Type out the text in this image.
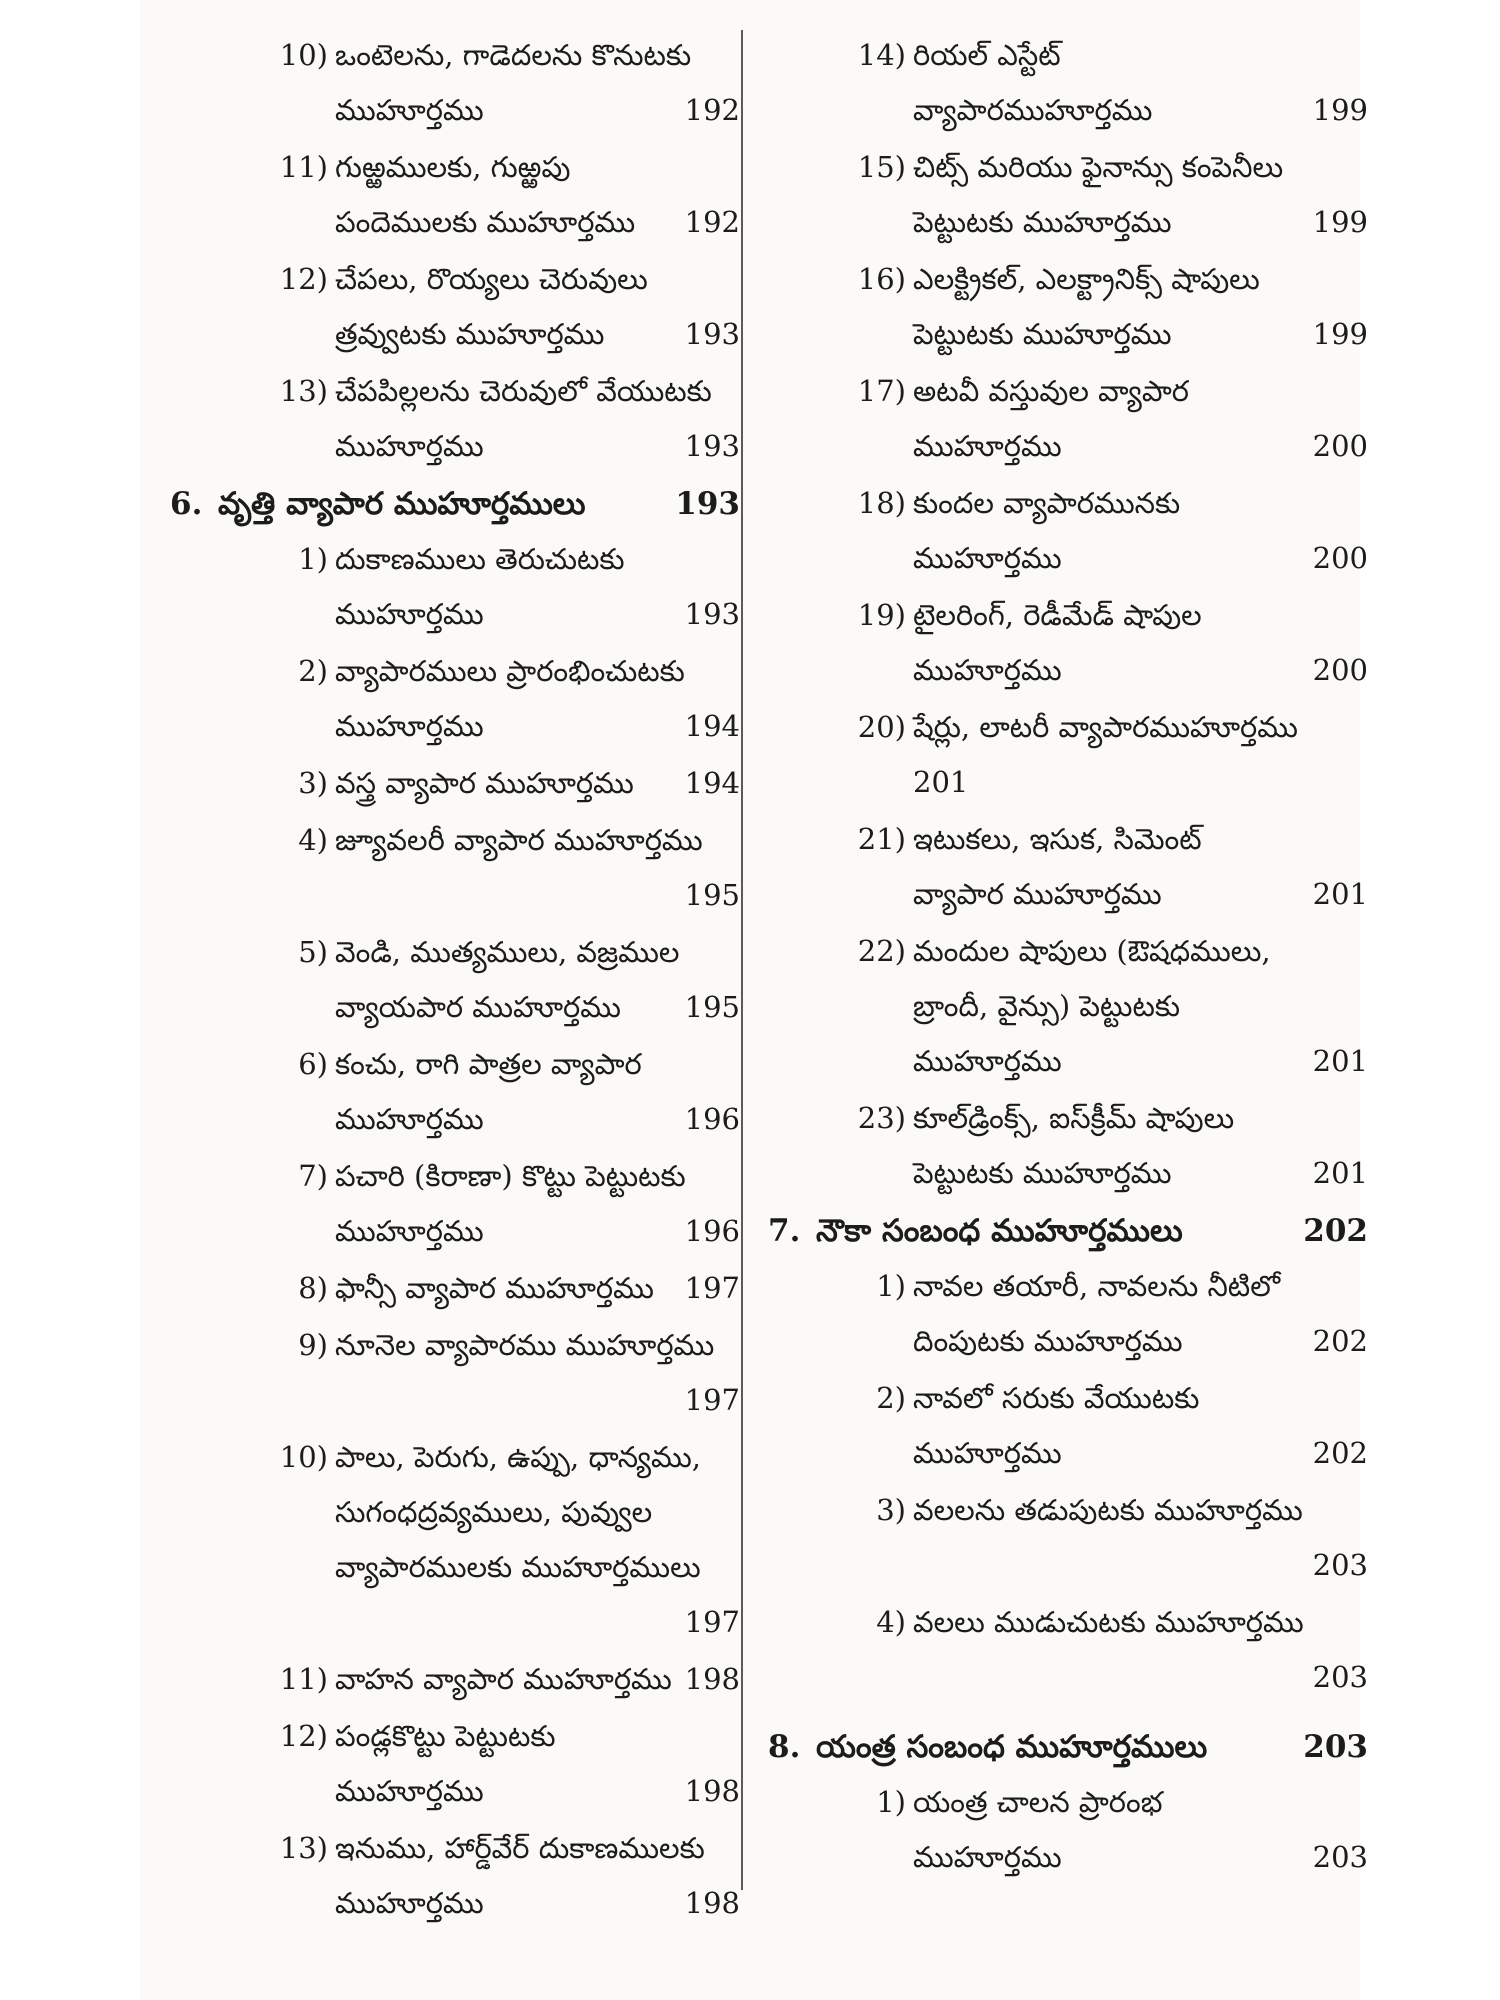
10) ఒంటెలను, గాడెదలను కొనుటకు
ముహూర్తము	192
11) గుఱ్ఱములకు, గుఱ్ఱపు
పందెములకు ముహూర్తము 192
12) చేపలు, రొయ్యలు చెరువులు
త్రవ్వుటకు ముహూర్తము	193
13) చేపపిల్లలను చెరువులో వేయుటకు
ముహూర్తము	193
6. వృత్తి వ్యాపార ముహూర్తములు	193
1) దుకాణములు తెరుచుటకు
ముహూర్తము	193
2) వ్యాపారములు ప్రారంభించుటకు
ముహూర్తము	194
3) వస్త్ర వ్యాపార ముహూర్తము 194
4) జ్యూవలరీ వ్యాపార ముహూర్తము
195
5) వెండి, ముత్యములు, వజ్రముల
వ్యాయపార ముహూర్తము 195
6) కంచు, రాగి పాత్రల వ్యాపార
ముహూర్తము	196
7) పచారి (కిరాణా) కొట్టు పెట్టుటకు
ముహూర్తము	196
8) ఫాన్సీ వ్యాపార ముహూర్తము 197
9) నూనెల వ్యాపారము ముహూర్తము
197
10) పాలు, పెరుగు, ఉప్పు, ధాన్యము,
సుగంధద్రవ్యములు, పువ్వుల
వ్యాపారములకు ముహూర్తములు
197
11) వాహన వ్యాపార ముహూర్తము 198
12) పండ్లకొట్టు పెట్టుటకు
ముహూర్తము	198
13) ఇనుము, హార్డ్‌వేర్ దుకాణములకు
ముహూర్తము	198
14) రియల్ ఎస్టేట్
వ్యాపారముహూర్తము	199
15) చిట్స్ మరియు ఫైనాన్సు కంపెనీలు
పెట్టుటకు ముహూర్తము	199
16) ఎలక్ట్రికల్, ఎలక్ట్రానిక్స్ షాపులు
పెట్టుటకు ముహూర్తము	199
17) అటవీ వస్తువుల వ్యాపార
ముహూర్తము	200
18) కుందల వ్యాపారమునకు
ముహూర్తము	200
19) టైలరింగ్, రెడీమేడ్ షాపుల
ముహూర్తము	200
20) షేర్లు, లాటరీ వ్యాపారముహూర్తము
201
21) ఇటుకలు, ఇసుక, సిమెంట్
వ్యాపార ముహూర్తము	201
22) మందుల షాపులు (ఔషధములు,
బ్రాందీ, వైన్సు) పెట్టుటకు
ముహూర్తము	201
23) కూల్‌డ్రింక్స్, ఐస్‌క్రీమ్ షాపులు
పెట్టుటకు ముహూర్తము	201
7. నౌకా సంబంధ ముహూర్తములు	202
1) నావల తయారీ, నావలను నీటిలో
దింపుటకు ముహూర్తము	202
2) నావలో సరుకు వేయుటకు
ముహూర్తము	202
3) వలలను తడుపుటకు ముహూర్తము
203
4) వలలు ముడుచుటకు ముహూర్తము
203
8. యంత్ర సంబంధ ముహూర్తములు	203
1) యంత్ర చాలన ప్రారంభ
ముహూర్తము	203
